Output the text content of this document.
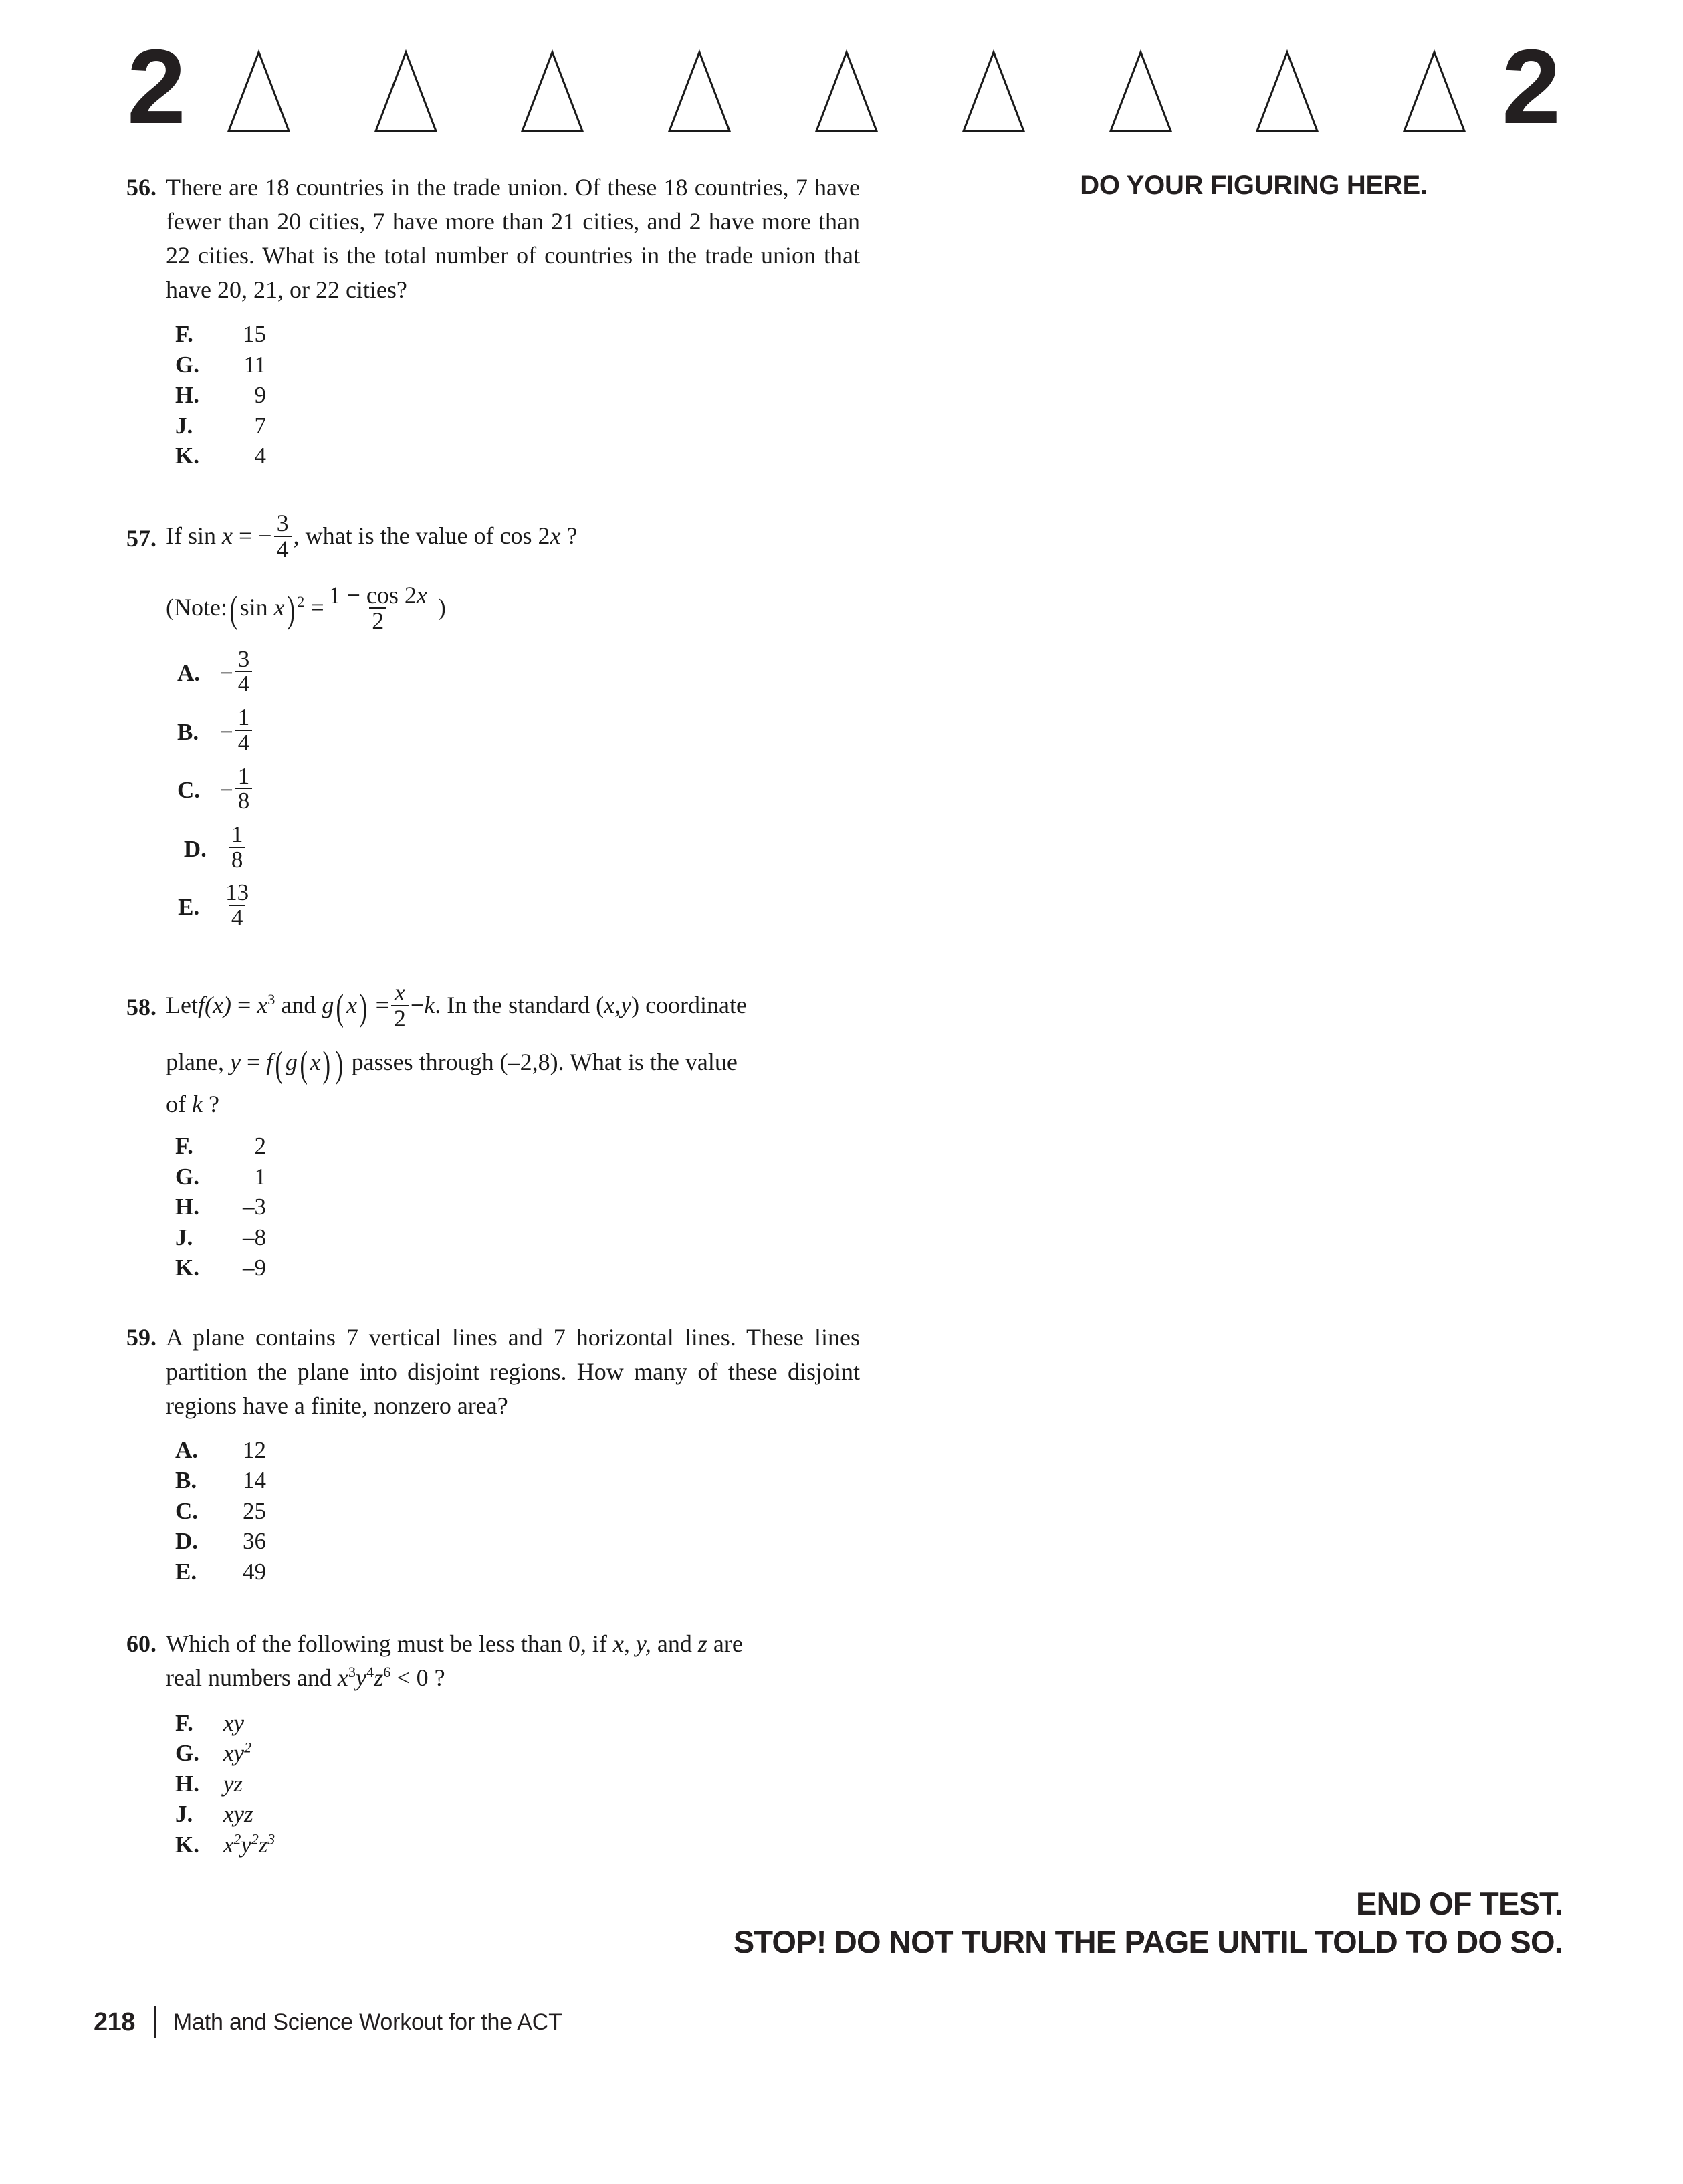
2	2
DO YOUR FIGURING HERE.
56. There are 18 countries in the trade union. Of these 18 countries, 7 have fewer than 20 cities, 7 have more than 21 cities, and 2 have more than 22 cities. What is the total number of countries in the trade union that have 20, 21, or 22 cities?
F.	15
G.	11
H.	9
J.	7
K.	4
57. If sin x = − $\frac{3}{4}$ , what is the value of cos 2x ?
(Note:(sin x) $^2 = \frac{1 - \cos 2x}{2}$ )
A. − $\frac{3}{4}$
B. − $\frac{1}{4}$
C. − $\frac{1}{8}$
D. $\frac{1}{8}$
E. $\frac{13}{4}$
58. Letf(x) = $x^3$ and $g(x) = \frac{x}{2} -k$. In the standard (x,y) coordinate
plane, y = f(g(x) ) passes through (–2,8). What is the value
of k ?
F.	2
G.	1
H.	–3
J.	–8
K.	–9
59. A plane contains 7 vertical lines and 7 horizontal lines. These lines partition the plane into disjoint regions. How many of these disjoint regions have a finite, nonzero area?
A.	12
B.	14
C.	25
D.	36
E.	49
60. Which of the following must be less than 0, if x, y, and z are
real numbers and $x^3y^4z^6 < 0$ ?
F.	xy
G.	$xy^2$
H.	yz
J.	xyz
K.	$x^2y^2z^3$
END OF TEST.
STOP! DO NOT TURN THE PAGE UNTIL TOLD TO DO SO.
218 Math and Science Workout for the ACT
